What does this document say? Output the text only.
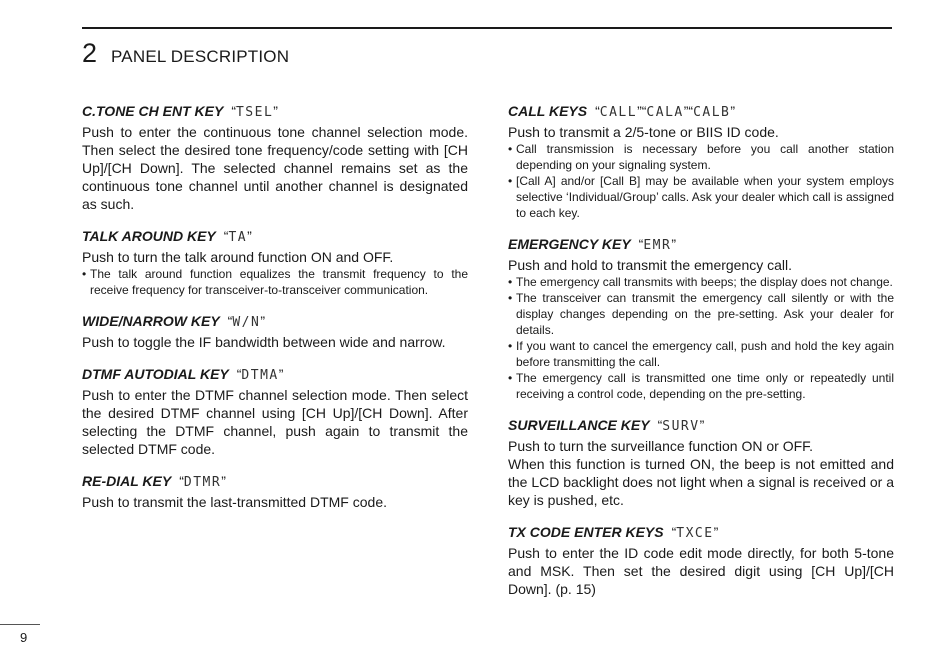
2 PANEL DESCRIPTION
C.TONE CH ENT KEY “TSEL”

Push to enter the continuous tone channel selection mode. Then select the desired tone frequency/code setting with [CH Up]/[CH Down]. The selected channel remains set as the continuous tone channel until another channel is designated as such.

TALK AROUND KEY “TA”

Push to turn the talk around function ON and OFF.

• The talk around function equalizes the transmit frequency to the receive frequency for transceiver-to-transceiver communication.
WIDE/NARROW KEY “W/N”

Push to toggle the IF bandwidth between wide and narrow.

DTMF AUTODIAL KEY “DTMA”

Push to enter the DTMF channel selection mode. Then select the desired DTMF channel using [CH Up]/[CH Down]. After selecting the DTMF channel, push again to transmit the selected DTMF code.

RE-DIAL KEY “DTMR”

Push to transmit the last-transmitted DTMF code.

CALL KEYS “CALL”“CALA”“CALB”

Push to transmit a 2/5-tone or BIIS ID code.

• Call transmission is necessary before you call another station depending on your signaling system.
• [Call A] and/or [Call B] may be available when your system employs selective ‘Individual/Group’ calls. Ask your dealer which call is assigned to each key.
EMERGENCY KEY “EMR”

Push and hold to transmit the emergency call.

• The emergency call transmits with beeps; the display does not change.
• The transceiver can transmit the emergency call silently or with the display changes depending on the pre-setting. Ask your dealer for details.
• If you want to cancel the emergency call, push and hold the key again before transmitting the call.
• The emergency call is transmitted one time only or repeatedly until receiving a control code, depending on the pre-setting.
SURVEILLANCE KEY “SURV”

Push to turn the surveillance function ON or OFF.

When this function is turned ON, the beep is not emitted and the LCD backlight does not light when a signal is received or a key is pushed, etc.

TX CODE ENTER KEYS “TXCE”

Push to enter the ID code edit mode directly, for both 5-tone and MSK. Then set the desired digit using [CH Up]/[CH Down]. (p. 15)

9
